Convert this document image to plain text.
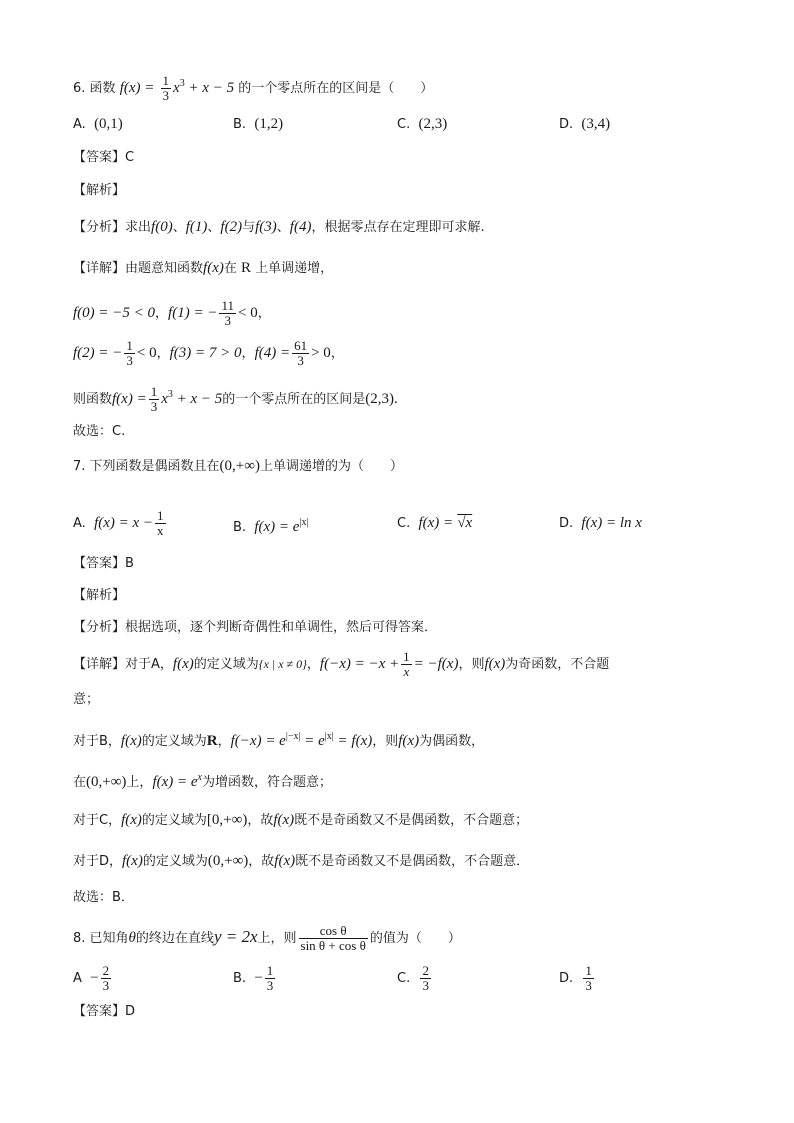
6. 函数 $f(x) = \frac{1}{3} x^3 + x - 5$ 的一个零点所在的区间是（　　）
A. (0,1)	B. (1,2)	C. (2,3)	D. (3,4)
【答案】C
【解析】
【分析】求出f(0)、f(1)、f(2)与f(3)、f(4)，根据零点存在定理即可求解.
【详解】由题意知函数f(x)在 R 上单调递增，
f(0) = −5 < 0，f(1) = − $\frac{11}{3} < 0$，
f(2) = − $\frac{1}{3} < 0$，f(3) = 7 > 0，$f(4) = \frac{61}{3} > 0$，
则函数$f(x) = \frac{1}{3} x^3 + x - 5$的一个零点所在的区间是(2,3).
故选：C.
7. 下列函数是偶函数且在(0,+∞)上单调递增的为（　　）
A. $f(x) = x - \frac{1}{x}$	B. $f(x) = e^{|x|}$	C. f(x) = √x	D. f(x) = ln x
【答案】B
【解析】
【分析】根据选项，逐个判断奇偶性和单调性，然后可得答案．
【详解】对于A，f(x)的定义域为{x | x ≠ 0}，$f(-x) = -x + \frac{1}{x} = -f(x)$，则f(x)为奇函数，不合题
意；
对于B，f(x)的定义域为R，$f(-x) = e^{|-x|} = e^{|x|} = f(x)$，则f(x)为偶函数，
在(0,+∞)上，$f(x) = e^x$为增函数，符合题意；
对于C，f(x)的定义域为[0,+∞)，故f(x)既不是奇函数又不是偶函数，不合题意；
对于D，f(x)的定义域为(0,+∞)，故f(x)既不是奇函数又不是偶函数，不合题意．
故选：B．
8. 已知角θ的终边在直线y = 2x上，则 $\frac{\text{cos θ}}{\text{sin θ + cos θ}}$ 的值为（　　）
$A - \frac{2}{3}$	B. − $\frac{1}{3}$	C. $\frac{2}{3}$	D. $\frac{1}{3}$
【答案】D
